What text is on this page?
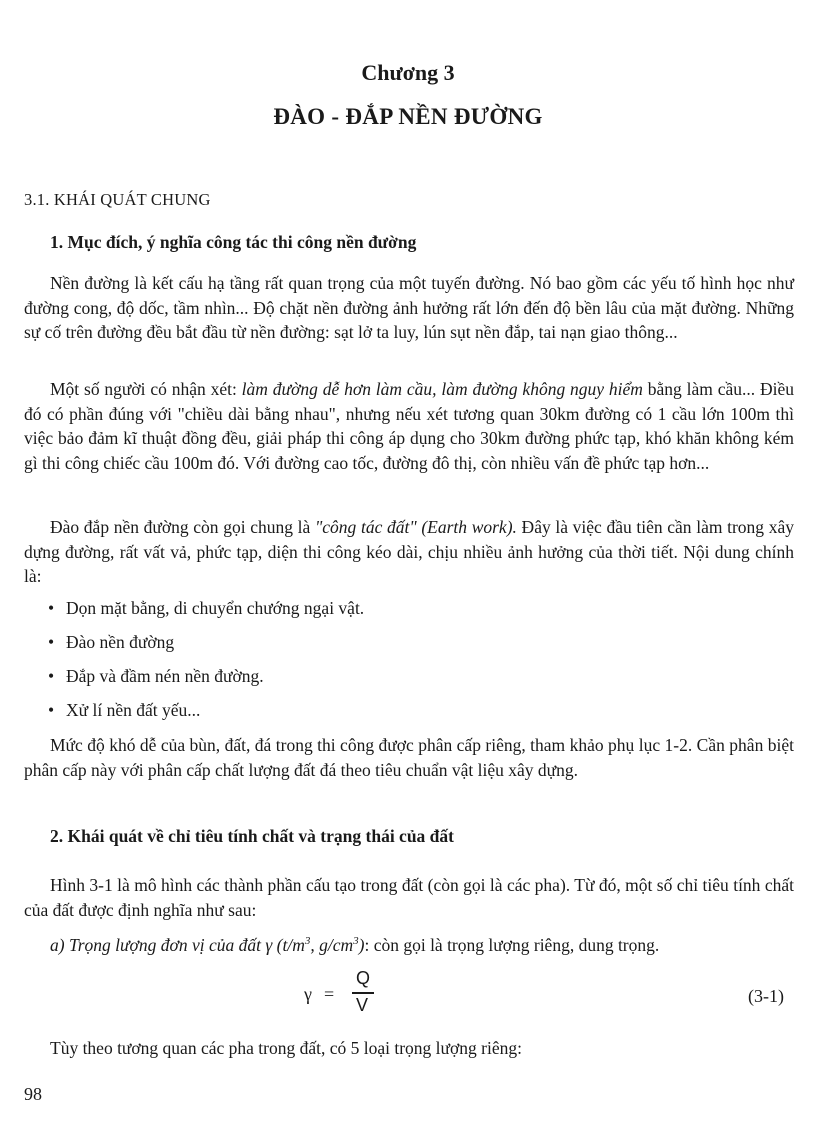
Chương 3
ĐÀO - ĐẮP NỀN ĐƯỜNG
3.1. KHÁI QUÁT CHUNG
1. Mục đích, ý nghĩa công tác thi công nền đường
Nền đường là kết cấu hạ tầng rất quan trọng của một tuyến đường. Nó bao gồm các yếu tố hình học như đường cong, độ dốc, tầm nhìn... Độ chặt nền đường ảnh hưởng rất lớn đến độ bền lâu của mặt đường. Những sự cố trên đường đều bắt đầu từ nền đường: sạt lở ta luy, lún sụt nền đắp, tai nạn giao thông...
Một số người có nhận xét: làm đường dễ hơn làm cầu, làm đường không nguy hiểm bằng làm cầu... Điều đó có phần đúng với "chiều dài bằng nhau", nhưng nếu xét tương quan 30km đường có 1 cầu lớn 100m thì việc bảo đảm kĩ thuật đồng đều, giải pháp thi công áp dụng cho 30km đường phức tạp, khó khăn không kém gì thi công chiếc cầu 100m đó. Với đường cao tốc, đường đô thị, còn nhiều vấn đề phức tạp hơn...
Đào đắp nền đường còn gọi chung là "công tác đất" (Earth work). Đây là việc đầu tiên cần làm trong xây dựng đường, rất vất vả, phức tạp, diện thi công kéo dài, chịu nhiều ảnh hưởng của thời tiết. Nội dung chính là:
• Dọn mặt bằng, di chuyển chướng ngại vật.
• Đào nền đường
• Đắp và đầm nén nền đường.
• Xử lí nền đất yếu...
Mức độ khó dễ của bùn, đất, đá trong thi công được phân cấp riêng, tham khảo phụ lục 1-2. Cần phân biệt phân cấp này với phân cấp chất lượng đất đá theo tiêu chuẩn vật liệu xây dựng.
2. Khái quát về chỉ tiêu tính chất và trạng thái của đất
Hình 3-1 là mô hình các thành phần cấu tạo trong đất (còn gọi là các pha). Từ đó, một số chỉ tiêu tính chất của đất được định nghĩa như sau:
a) Trọng lượng đơn vị của đất γ ($t/m^3$, $g/cm^3$): còn gọi là trọng lượng riêng, dung trọng.
γ =
Q
V	(3-1)
Tùy theo tương quan các pha trong đất, có 5 loại trọng lượng riêng:
98
